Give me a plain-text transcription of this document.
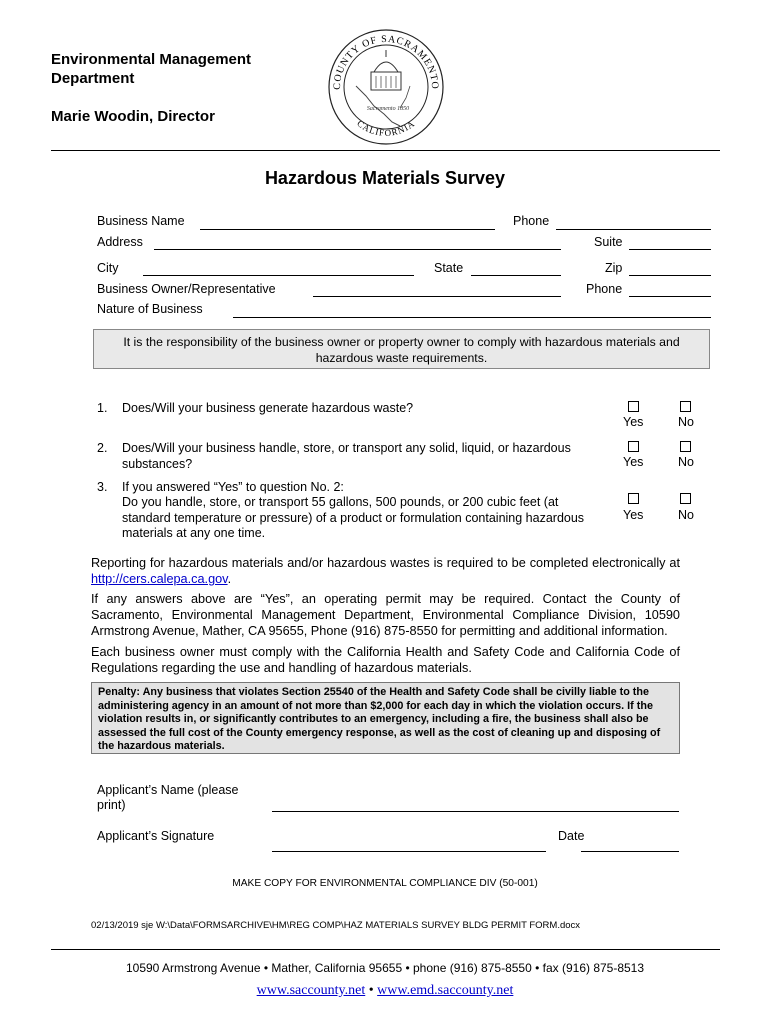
Environmental Management
Department
Marie Woodin, Director
COUNTY OF SACRAMENTO
CALIFORNIA
Sacramento 1850
Hazardous Materials Survey
Business Name	Phone
Address	Suite
City	State	Zip
Business Owner/Representative	Phone
Nature of Business
It is the responsibility of the business owner or property owner to comply with hazardous materials and hazardous waste requirements.
1. Does/Will your business generate hazardous waste?
Yes	No
2. Does/Will your business handle, store, or transport any solid, liquid, or hazardous substances?	Yes	No
3. If you answered “Yes” to question No. 2:
Do you handle, store, or transport 55 gallons, 500 pounds, or 200 cubic feet (at standard temperature or pressure) of a product or formulation containing hazardous materials at any one time.
Yes	No
Reporting for hazardous materials and/or hazardous wastes is required to be completed electronically at http://cers.calepa.ca.gov.
If any answers above are “Yes”, an operating permit may be required. Contact the County of Sacramento, Environmental Management Department, Environmental Compliance Division, 10590 Armstrong Avenue, Mather, CA 95655, Phone (916) 875-8550 for permitting and additional information.
Each business owner must comply with the California Health and Safety Code and California Code of Regulations regarding the use and handling of hazardous materials.
Penalty: Any business that violates Section 25540 of the Health and Safety Code shall be civilly liable to the administering agency in an amount of not more than $2,000 for each day in which the violation occurs. If the violation results in, or significantly contributes to an emergency, including a fire, the business shall also be assessed the full cost of the County emergency response, as well as the cost of cleaning up and disposing of the hazardous materials.
Applicant’s Name (please
print)
Applicant’s Signature	Date
MAKE COPY FOR ENVIRONMENTAL COMPLIANCE DIV (50-001)
02/13/2019 sje W:\Data\FORMSARCHIVE\HM\REG COMP\HAZ MATERIALS SURVEY BLDG PERMIT FORM.docx
10590 Armstrong Avenue • Mather, California 95655 • phone (916) 875-8550 • fax (916) 875-8513
www.saccounty.net • www.emd.saccounty.net
